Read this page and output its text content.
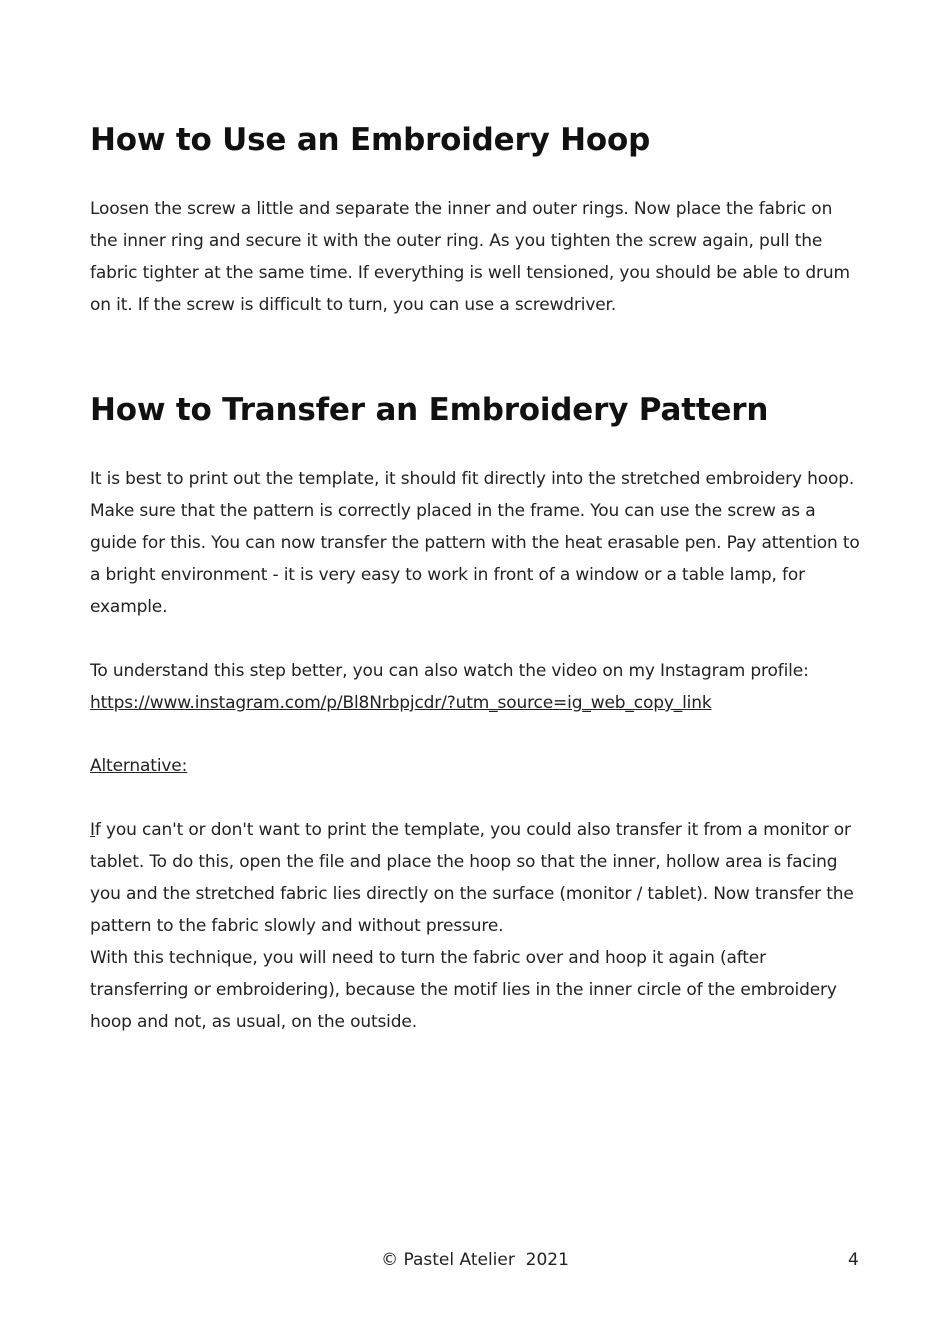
How to Use an Embroidery Hoop

Loosen the screw a little and separate the inner and outer rings. Now place the fabric on the inner ring and secure it with the outer ring. As you tighten the screw again, pull the fabric tighter at the same time. If everything is well tensioned, you should be able to drum on it. If the screw is difficult to turn, you can use a screwdriver.

How to Transfer an Embroidery Pattern

It is best to print out the template, it should fit directly into the stretched embroidery hoop. Make sure that the pattern is correctly placed in the frame. You can use the screw as a guide for this. You can now transfer the pattern with the heat erasable pen. Pay attention to a bright environment - it is very easy to work in front of a window or a table lamp, for example.

To understand this step better, you can also watch the video on my Instagram profile:
https://www.instagram.com/p/Bl8Nrbpjcdr/?utm_source=ig_web_copy_link

Alternative:

If you can't or don't want to print the template, you could also transfer it from a monitor or tablet. To do this, open the file and place the hoop so that the inner, hollow area is facing you and the stretched fabric lies directly on the surface (monitor / tablet). Now transfer the pattern to the fabric slowly and without pressure.

With this technique, you will need to turn the fabric over and hoop it again (after transferring or embroidering), because the motif lies in the inner circle of the embroidery hoop and not, as usual, on the outside.

© Pastel Atelier  2021	4
